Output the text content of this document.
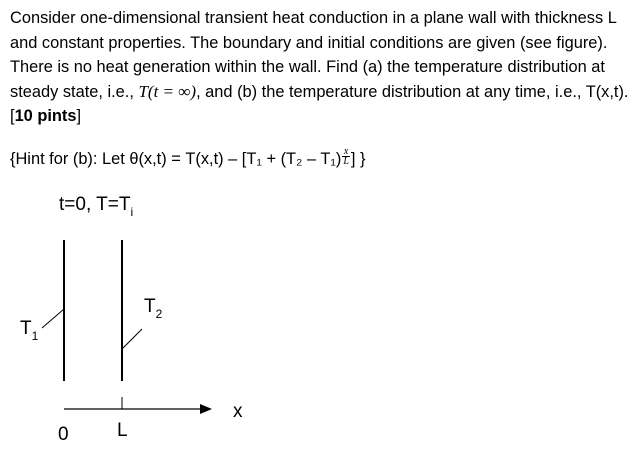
Consider one-dimensional transient heat conduction in a plane wall with thickness L and constant properties. The boundary and initial conditions are given (see figure). There is no heat generation within the wall. Find (a) the temperature distribution at steady state, i.e., T(t = ∞), and (b) the temperature distribution at any time, i.e., T(x,t). [10 pints]

{Hint for (b): Let $\theta(x,t) = T(x,t) - [T_1 + (T_2 - T_1) \frac{x}{L}$ ] }

t=0, $T=T_i$
$T_1$
$T_2$
x
0	L
